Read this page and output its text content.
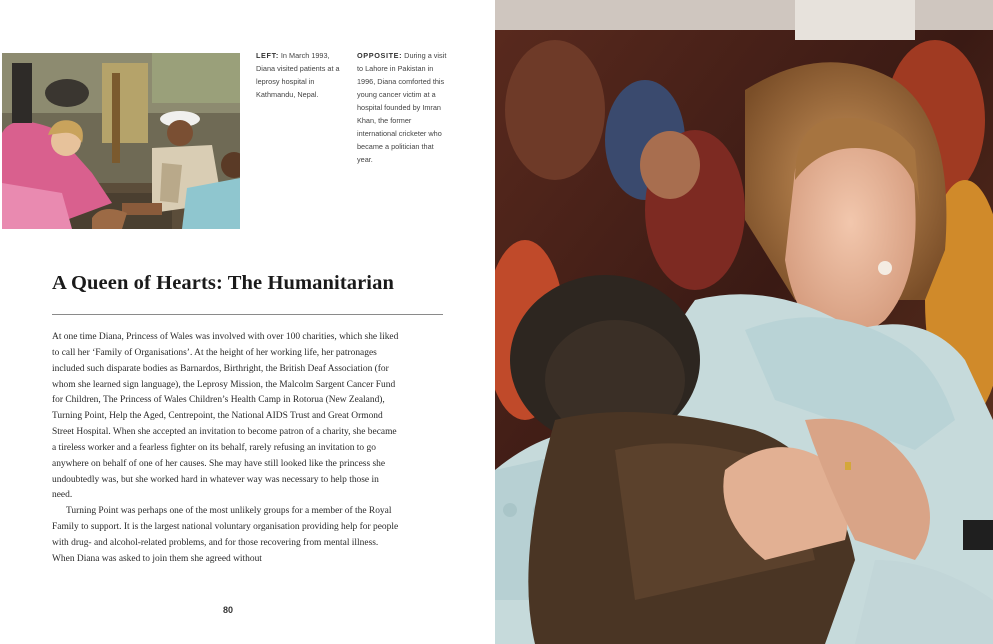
LEFT: In March 1993, Diana visited patients at a leprosy hospital in Kathmandu, Nepal.
OPPOSITE: During a visit to Lahore in Pakistan in 1996, Diana comforted this young cancer victim at a hospital founded by Imran Khan, the former international cricketer who became a politician that year.
A Queen of Hearts: The Humanitarian

At one time Diana, Princess of Wales was involved with over 100 charities, which she liked to call her ‘Family of Organisations’. At the height of her working life, her patronages included such disparate bodies as Barnardos, Birthright, the British Deaf Association (for whom she learned sign language), the Leprosy Mission, the Malcolm Sargent Cancer Fund for Children, The Princess of Wales Children’s Health Camp in Rotorua (New Zealand), Turning Point, Help the Aged, Centrepoint, the National AIDS Trust and Great Ormond Street Hospital. When she accepted an invitation to become patron of a charity, she became a tireless worker and a fearless fighter on its behalf, rarely refusing an invitation to go anywhere on behalf of one of her causes. She may have still looked like the princess she undoubtedly was, but she worked hard in whatever way was necessary to help those in need.

Turning Point was perhaps one of the most unlikely groups for a member of the Royal Family to support. It is the largest national voluntary organisation providing help for people with drug- and alcohol-related problems, and for those recovering from mental illness. When Diana was asked to join them she agreed without

80
